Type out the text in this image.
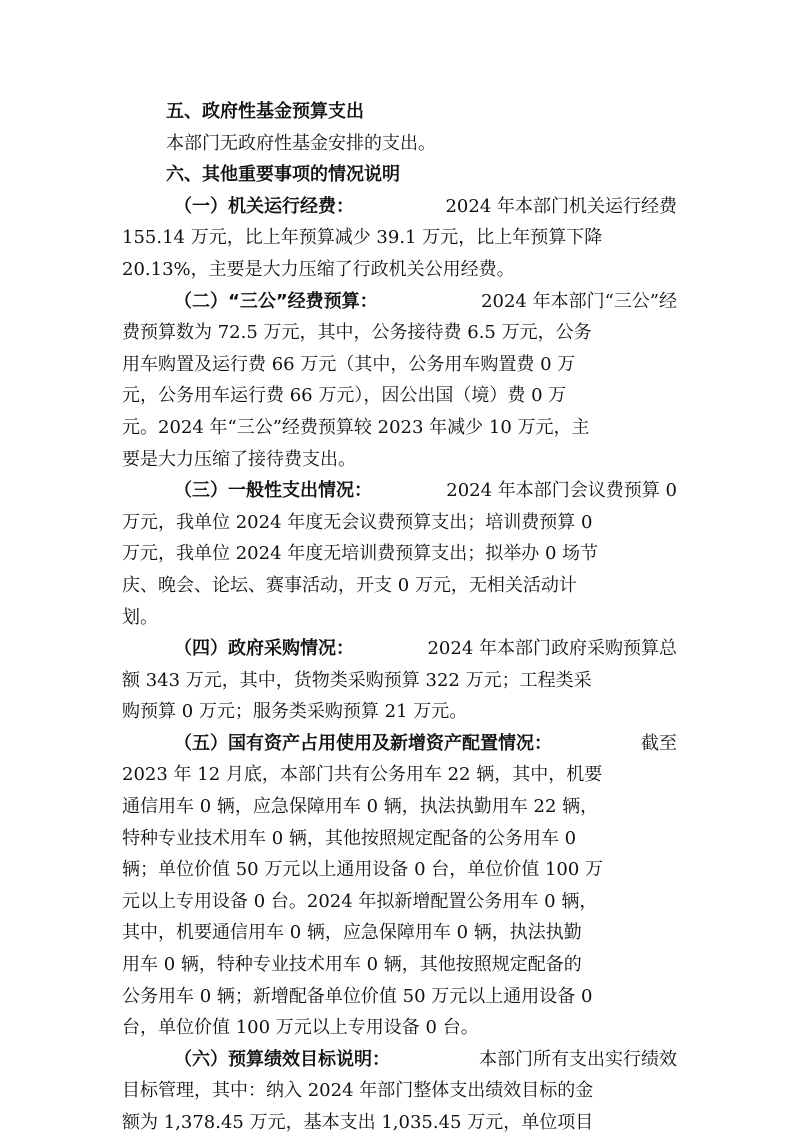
五、政府性基金预算支出
本部门无政府性基金安排的支出。
六、其他重要事项的情况说明
（一）机关运行经费：	2024 年本部门机关运行经费
155.14 万元，比上年预算减少 39.1 万元，比上年预算下降
20.13%，主要是大力压缩了行政机关公用经费。
（二）“三公”经费预算：	2024 年本部门“三公”经
费预算数为 72.5 万元，其中，公务接待费 6.5 万元，公务
用车购置及运行费 66 万元（其中，公务用车购置费 0 万
元，公务用车运行费 66 万元），因公出国（境）费 0 万
元。2024 年“三公”经费预算较 2023 年减少 10 万元，主
要是大力压缩了接待费支出。
（三）一般性支出情况：	2024 年本部门会议费预算 0
万元，我单位 2024 年度无会议费预算支出；培训费预算 0
万元，我单位 2024 年度无培训费预算支出；拟举办 0 场节
庆、晚会、论坛、赛事活动，开支 0 万元，无相关活动计
划。
（四）政府采购情况：	2024 年本部门政府采购预算总
额 343 万元，其中，货物类采购预算 322 万元；工程类采
购预算 0 万元；服务类采购预算 21 万元。
（五）国有资产占用使用及新增资产配置情况：	截至
2023 年 12 月底，本部门共有公务用车 22 辆，其中，机要
通信用车 0 辆，应急保障用车 0 辆，执法执勤用车 22 辆，
特种专业技术用车 0 辆，其他按照规定配备的公务用车 0
辆；单位价值 50 万元以上通用设备 0 台，单位价值 100 万
元以上专用设备 0 台。2024 年拟新增配置公务用车 0 辆，
其中，机要通信用车 0 辆，应急保障用车 0 辆，执法执勤
用车 0 辆，特种专业技术用车 0 辆，其他按照规定配备的
公务用车 0 辆；新增配备单位价值 50 万元以上通用设备 0
台，单位价值 100 万元以上专用设备 0 台。
（六）预算绩效目标说明：	本部门所有支出实行绩效
目标管理，其中：纳入 2024 年部门整体支出绩效目标的金
额为 1,378.45 万元，基本支出 1,035.45 万元，单位项目
